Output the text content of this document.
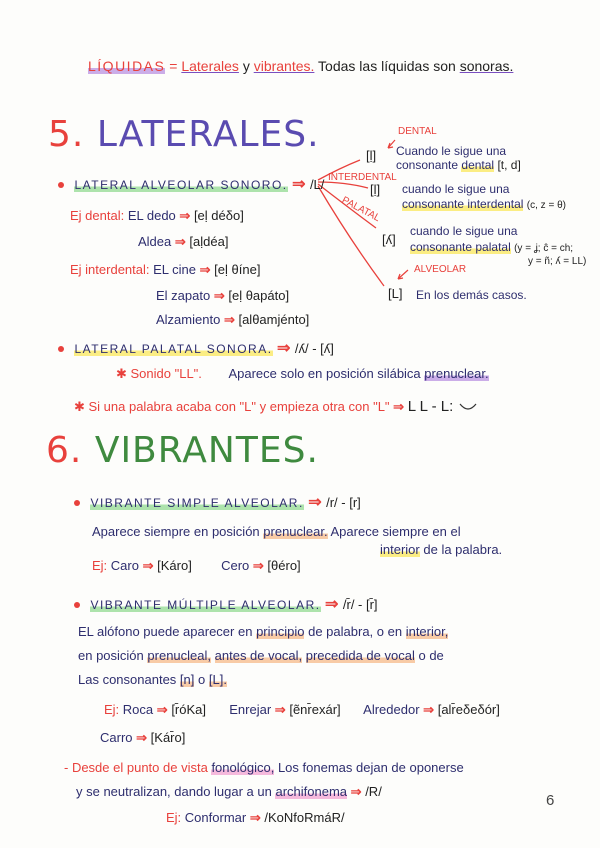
LÍQUIDAS = Laterales y vibrantes. Todas las líquidas son sonoras.
5. LATERALES.
LATERAL ALVEOLAR SONORO. ⇒ /L/
Ej dental: EL dedo ⇒ [eḷ déδo]
Aldea ⇒ [aḷdéa]
Ej interdental: EL cine ⇒ [eḷ θíne]
El zapato ⇒ [eḷ θapáto]
Alzamiento ⇒ [alθamjénto]
DENTAL
[ḷ] Cuando le sigue una
consonante dental [t, d]
INTERDENTAL
[ḷ] cuando le sigue una
consonante interdental (c, z = θ)
PALATAL
[ʎ]
cuando le sigue una
consonante palatal (y = ʝ; ĉ = ch;
y = ñ; ʎ = LL)
ALVEOLAR
[L] En los demás casos.
LATERAL PALATAL SONORA. ⇒ /ʎ/ - [ʎ]
✱ Sonido "LL". Aparece solo en posición silábica prenuclear.
✱ Si una palabra acaba con "L" y empieza otra con "L" ⇒ L L - L:
6. VIBRANTES.
VIBRANTE SIMPLE ALVEOLAR. ⇒ /r/ - [r]
Aparece siempre en posición prenuclear. Aparece siempre en el
interior de la palabra.
Ej: Caro ⇒ [Káro] Cero ⇒ [θéro]
VIBRANTE MÚLTIPLE ALVEOLAR. ⇒ /r̄/ - [r̄]
EL alófono puede aparecer en principio de palabra, o en interior,
en posición prenucleal, antes de vocal, precedida de vocal o de
Las consonantes [n] o [L].
Ej: Roca ⇒ [r̄óKa] Enrejar ⇒ [ẽnr̄exár] Alrededor ⇒ [alr̄eδeδór]
Carro ⇒ [Kár̄o]
- Desde el punto de vista fonológico, Los fonemas dejan de oponerse
y se neutralizan, dando lugar a un archifonema ⇒ /R/
Ej: Conformar ⇒ /KoNfoRmáR/
6
